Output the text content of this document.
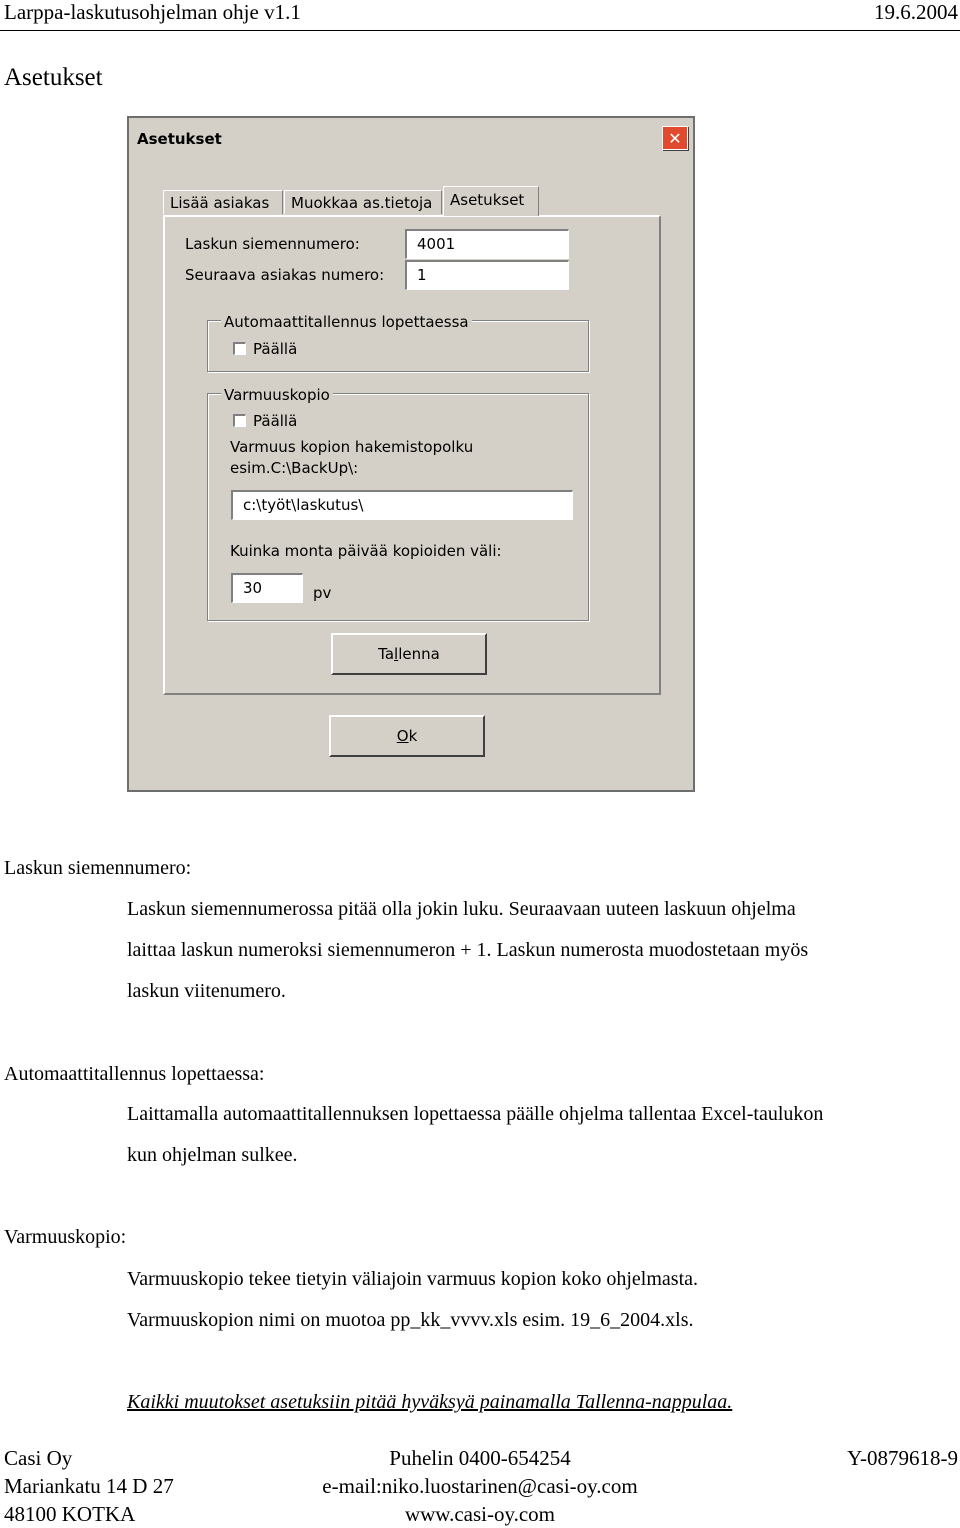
Larppa-laskutusohjelman ohje v1.1	19.6.2004
Asetukset
Asetukset	✕
Lisää asiakas	Muokkaa as.tietoja	Asetukset
Laskun siemennumero:	4001
Seuraava asiakas numero:	1
Automaattitallennus lopettaessa
Päällä
Varmuuskopio
Päällä
Varmuus kopion hakemistopolku
esim.C:\BackUp\:
c:\työt\laskutus\
Kuinka monta päivää kopioiden väli:
30	pv
Tallenna
Ok
Laskun siemennumero:
Laskun siemennumerossa pitää olla jokin luku. Seuraavaan uuteen laskuun ohjelma
laittaa laskun numeroksi siemennumeron + 1. Laskun numerosta muodostetaan myös
laskun viitenumero.
Automaattitallennus lopettaessa:
Laittamalla automaattitallennuksen lopettaessa päälle ohjelma tallentaa Excel-taulukon
kun ohjelman sulkee.
Varmuuskopio:
Varmuuskopio tekee tietyin väliajoin varmuus kopion koko ohjelmasta.
Varmuuskopion nimi on muotoa pp_kk_vvvv.xls esim. 19_6_2004.xls.
Kaikki muutokset asetuksiin pitää hyväksyä painamalla Tallenna-nappulaa.
Casi Oy
Mariankatu 14 D 27
48100 KOTKA
Puhelin 0400-654254
e-mail:niko.luostarinen@casi-oy.com
www.casi-oy.com
Y-0879618-9
